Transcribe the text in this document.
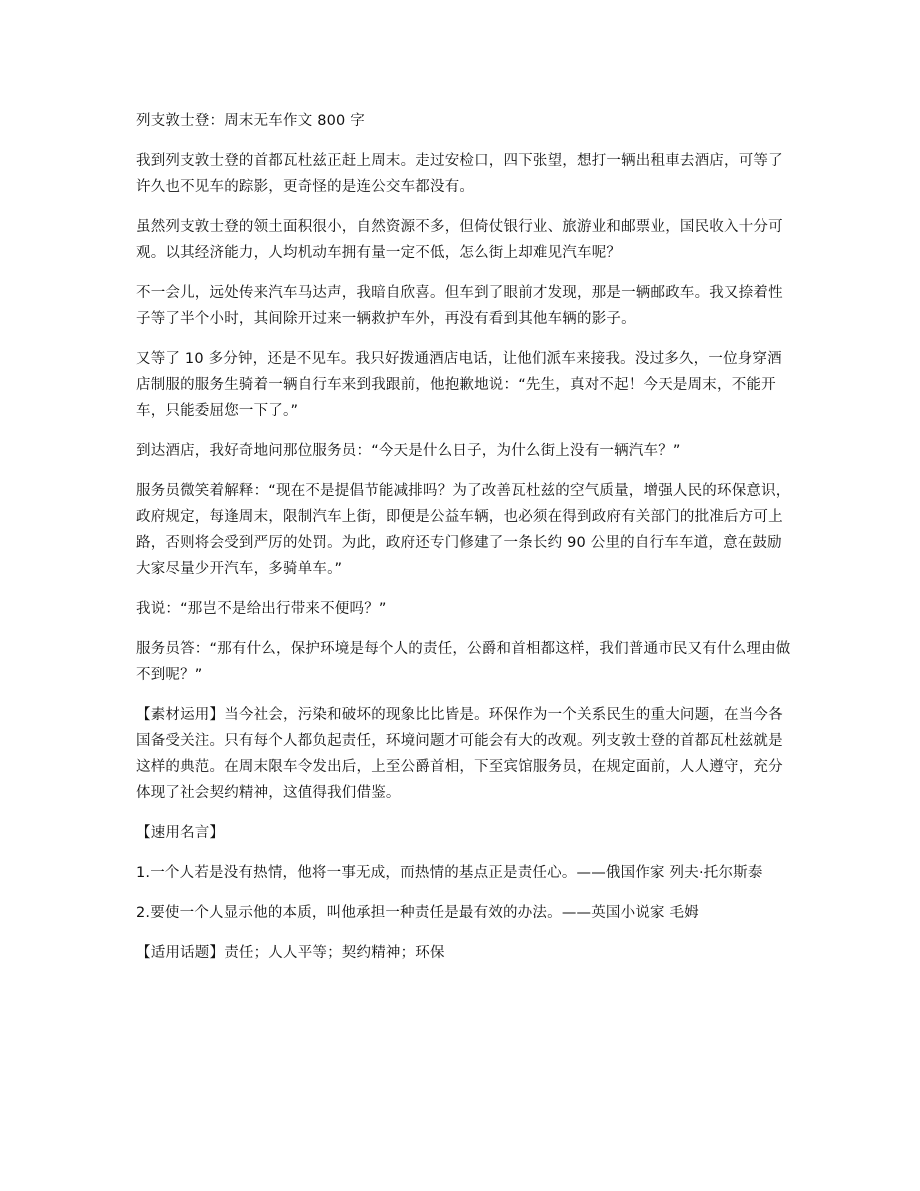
列支敦士登：周末无车作文 800 字

我到列支敦士登的首都瓦杜兹正赶上周末。走过安检口，四下张望，想打一辆出租車去酒店，可等了许久也不见车的踪影，更奇怪的是连公交车都没有。

虽然列支敦士登的领土面积很小，自然资源不多，但倚仗银行业、旅游业和邮票业，国民收入十分可观。以其经济能力，人均机动车拥有量一定不低，怎么街上却难见汽车呢？

不一会儿，远处传来汽车马达声，我暗自欣喜。但车到了眼前才发现，那是一辆邮政车。我又捺着性子等了半个小时，其间除开过来一辆救护车外，再没有看到其他车辆的影子。

又等了 10 多分钟，还是不见车。我只好拨通酒店电话，让他们派车来接我。没过多久，一位身穿酒店制服的服务生骑着一辆自行车来到我跟前，他抱歉地说：“先生，真对不起！今天是周末，不能开车，只能委屈您一下了。”

到达酒店，我好奇地问那位服务员：“今天是什么日子，为什么街上没有一辆汽车？”

服务员微笑着解释：“现在不是提倡节能减排吗？为了改善瓦杜兹的空气质量，增强人民的环保意识，政府规定，每逢周末，限制汽车上街，即便是公益车辆，也必须在得到政府有关部门的批准后方可上路，否则将会受到严厉的处罚。为此，政府还专门修建了一条长约 90 公里的自行车车道，意在鼓励大家尽量少开汽车，多骑单车。”

我说：“那岂不是给出行带来不便吗？”

服务员答：“那有什么，保护环境是每个人的责任，公爵和首相都这样，我们普通市民又有什么理由做不到呢？”

【素材运用】当今社会，污染和破坏的现象比比皆是。环保作为一个关系民生的重大问题，在当今各国备受关注。只有每个人都负起责任，环境问题才可能会有大的改观。列支敦士登的首都瓦杜兹就是这样的典范。在周末限车令发出后，上至公爵首相，下至宾馆服务员，在规定面前，人人遵守，充分体现了社会契约精神，这值得我们借鉴。

【速用名言】

1.一个人若是没有热情，他将一事无成，而热情的基点正是责任心。——俄国作家 列夫·托尔斯泰

2.要使一个人显示他的本质，叫他承担一种责任是最有效的办法。——英国小说家 毛姆

【适用话题】责任；人人平等；契约精神；环保
